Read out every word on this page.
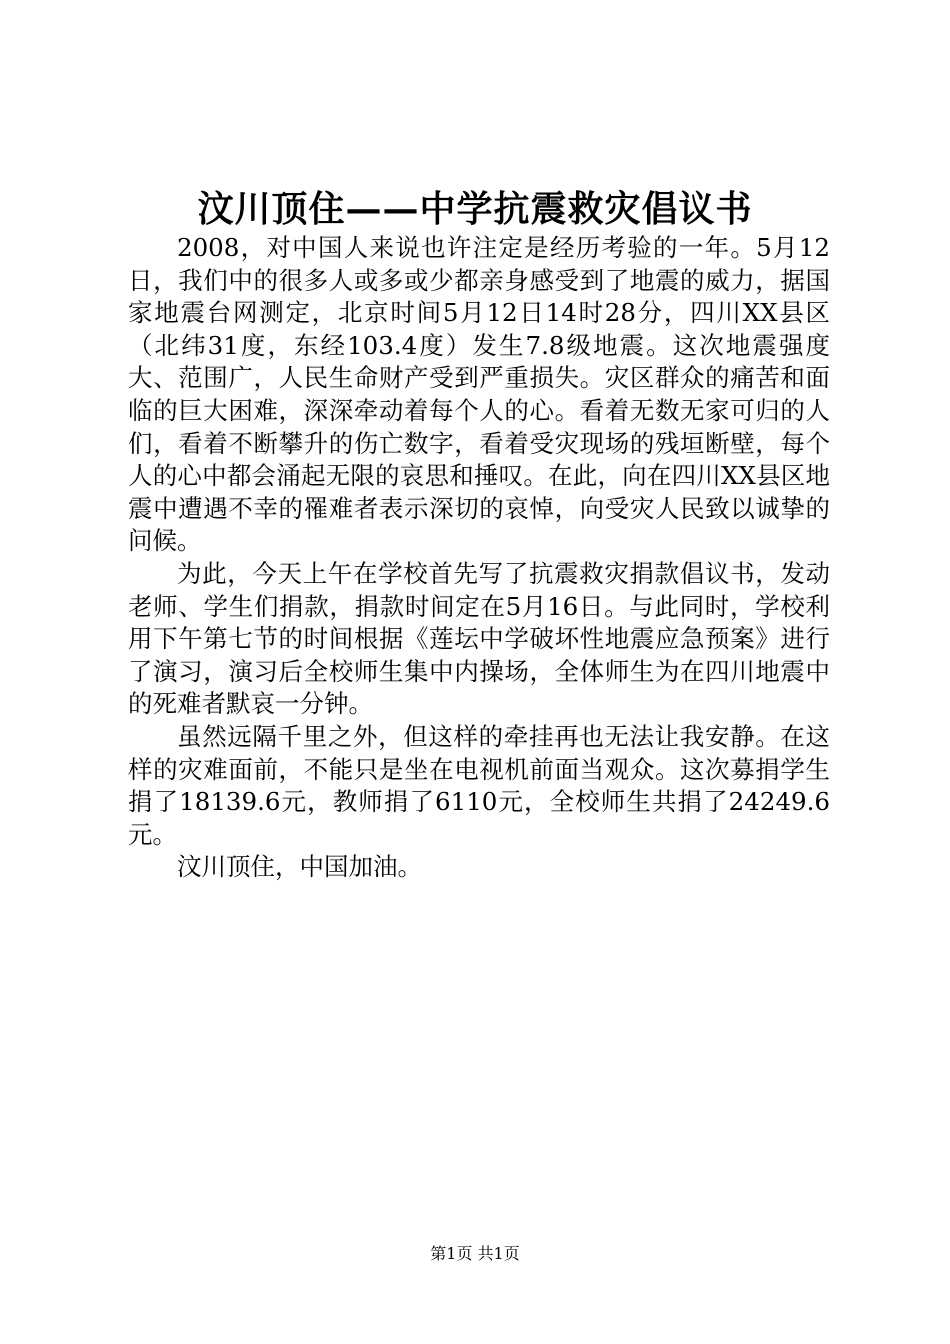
汶川顶住——中学抗震救灾倡议书

2008，对中国人来说也许注定是经历考验的一年。5月12日，我们中的很多人或多或少都亲身感受到了地震的威力，据国家地震台网测定，北京时间5月12日14时28分，四川XX县区（北纬31度，东经103.4度）发生7.8级地震。这次地震强度大、范围广，人民生命财产受到严重损失。灾区群众的痛苦和面临的巨大困难，深深牵动着每个人的心。看着无数无家可归的人们，看着不断攀升的伤亡数字，看着受灾现场的残垣断壁，每个人的心中都会涌起无限的哀思和捶叹。在此，向在四川XX县区地震中遭遇不幸的罹难者表示深切的哀悼，向受灾人民致以诚挚的问候。

为此，今天上午在学校首先写了抗震救灾捐款倡议书，发动老师、学生们捐款，捐款时间定在5月16日。与此同时，学校利用下午第七节的时间根据《莲坛中学破坏性地震应急预案》进行了演习，演习后全校师生集中内操场，全体师生为在四川地震中的死难者默哀一分钟。

虽然远隔千里之外，但这样的牵挂再也无法让我安静。在这样的灾难面前，不能只是坐在电视机前面当观众。这次募捐学生捐了18139.6元，教师捐了6110元，全校师生共捐了24249.6元。

汶川顶住，中国加油。

第1页 共1页
